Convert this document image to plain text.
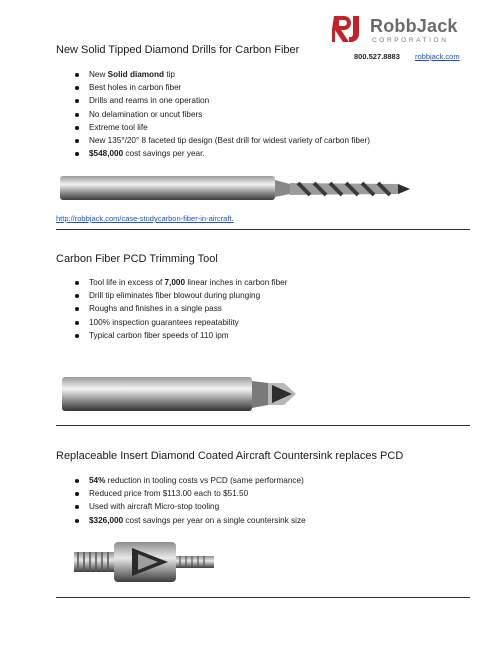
RobbJack
CORPORATION
800.527.8883 robbjack.com
New Solid Tipped Diamond Drills for Carbon Fiber
New Solid diamond tip
Best holes in carbon fiber
Drills and reams in one operation
No delamination or uncut fibers
Extreme tool life
New 135°/20° 8 faceted tip design (Best drill for widest variety of carbon fiber)
$548,000 cost savings per year.
http://robbjack.com/case-studycarbon-fiber-in-aircraft.
Carbon Fiber PCD Trimming Tool
Tool life in excess of 7,000 linear inches in carbon fiber
Drill tip eliminates fiber blowout during plunging
Roughs and finishes in a single pass
100% inspection guarantees repeatability
Typical carbon fiber speeds of 110 ipm
Replaceable Insert Diamond Coated Aircraft Countersink replaces PCD
54% reduction in tooling costs vs PCD (same performance)
Reduced price from $113.00 each to $51.50
Used with aircraft Micro-stop tooling
$326,000 cost savings per year on a single countersink size
